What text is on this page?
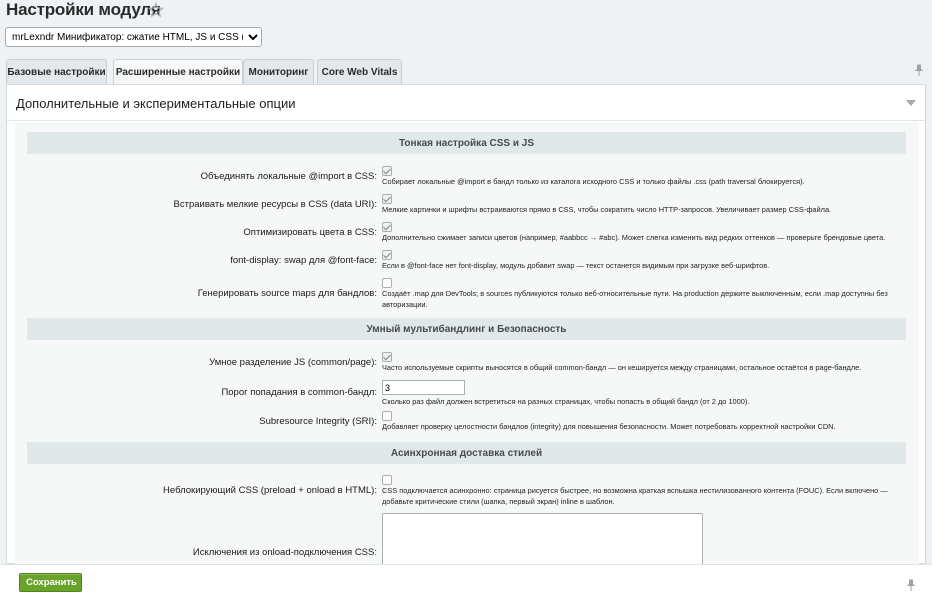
Настройки модуля
mrLexndr Минификатор: сжатие HTML, JS и CSS (HighLoad)
Базовые настройки Расширенные настройки Мониторинг Core Web Vitals
Дополнительные и экспериментальные опции
Тонкая настройка CSS и JS
Объединять локальные @import в CSS: Собирает локальные @import в бандл только из каталога исходного CSS и только файлы .css (path traversal блокируется).
Встраивать мелкие ресурсы в CSS (data URI): Мелкие картинки и шрифты встраиваются прямо в CSS, чтобы сократить число HTTP-запросов. Увеличивает размер CSS-файла.
Оптимизировать цвета в CSS: Дополнительно сжимает записи цветов (например, #aabbcc → #abc). Может слегка изменить вид редких оттенков — проверьте брендовые цвета.
font-display: swap для @font-face: Если в @font-face нет font-display, модуль добавит swap — текст останется видимым при загрузке веб-шрифтов.
Генерировать source maps для бандлов: Создаёт .map для DevTools; в sources публикуются только веб-относительные пути. На production держите выключенным, если .map доступны без авторизации.
Умный мультибандлинг и Безопасность
Умное разделение JS (common/page): Часто используемые скрипты выносятся в общий common-бандл — он кешируется между страницами, остальное остаётся в page-бандле.
Порог попадания в common-бандл:
3
Сколько раз файл должен встретиться на разных страницах, чтобы попасть в общий бандл (от 2 до 1000).
Subresource Integrity (SRI): Добавляет проверку целостности бандлов (integrity) для повышения безопасности. Может потребовать корректной настройки CDN.
Асинхронная доставка стилей
Неблокирующий CSS (preload + onload в HTML): CSS подключается асинхронно: страница рисуется быстрее, но возможна краткая вспышка нестилизованного контента (FOUC). Если включено — добавьте критические стили (шапка, первый экран) inline в шаблон.
Исключения из onload-подключения CSS:
Сохранить
